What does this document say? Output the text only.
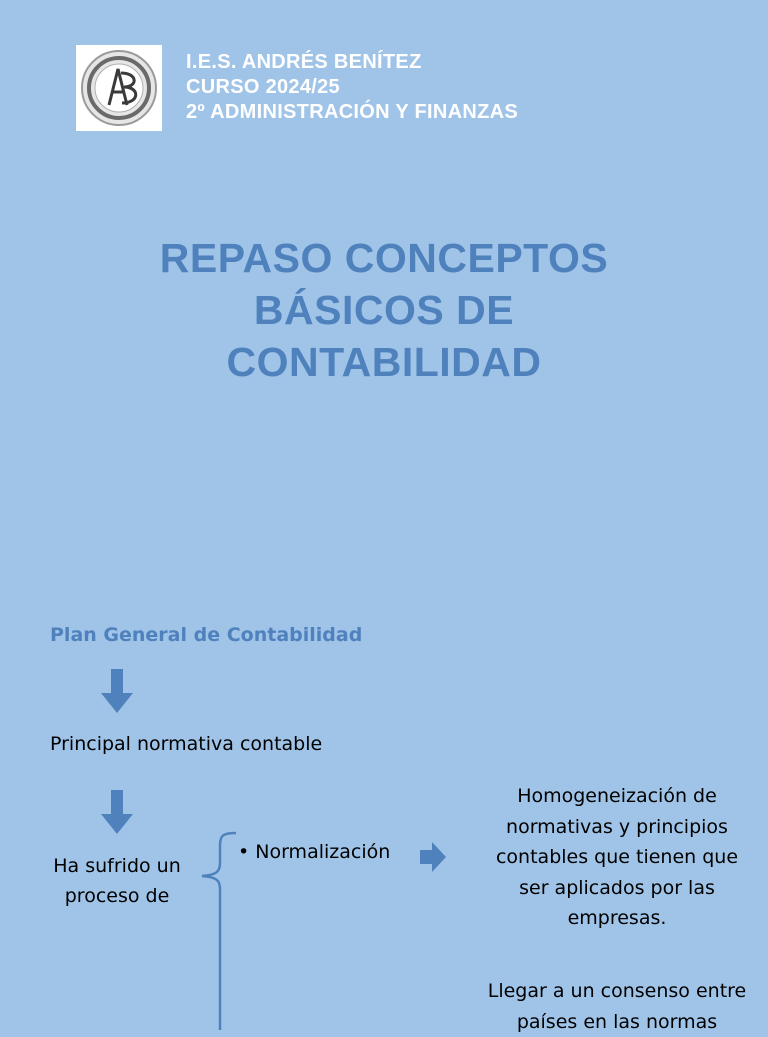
I.E.S. ANDRÉS BENÍTEZ
CURSO 2024/25
2º ADMINISTRACIÓN Y FINANZAS
REPASO CONCEPTOS
BÁSICOS DE
CONTABILIDAD
Plan General de Contabilidad
Principal normativa contable
Ha sufrido un
proceso de
• Normalización
Homogeneización de
normativas y principios
contables que tienen que
ser aplicados por las
empresas.
Llegar a un consenso entre
países en las normas
